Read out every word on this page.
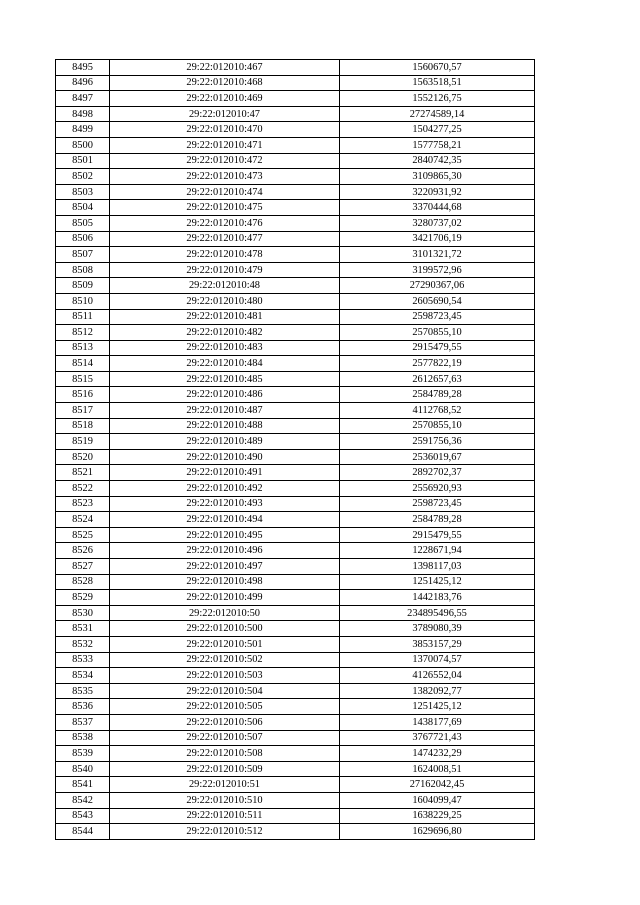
8495	29:22:012010:467	1560670,57
8496	29:22:012010:468	1563518,51
8497	29:22:012010:469	1552126,75
8498	29:22:012010:47	27274589,14
8499	29:22:012010:470	1504277,25
8500	29:22:012010:471	1577758,21
8501	29:22:012010:472	2840742,35
8502	29:22:012010:473	3109865,30
8503	29:22:012010:474	3220931,92
8504	29:22:012010:475	3370444,68
8505	29:22:012010:476	3280737,02
8506	29:22:012010:477	3421706,19
8507	29:22:012010:478	3101321,72
8508	29:22:012010:479	3199572,96
8509	29:22:012010:48	27290367,06
8510	29:22:012010:480	2605690,54
8511	29:22:012010:481	2598723,45
8512	29:22:012010:482	2570855,10
8513	29:22:012010:483	2915479,55
8514	29:22:012010:484	2577822,19
8515	29:22:012010:485	2612657,63
8516	29:22:012010:486	2584789,28
8517	29:22:012010:487	4112768,52
8518	29:22:012010:488	2570855,10
8519	29:22:012010:489	2591756,36
8520	29:22:012010:490	2536019,67
8521	29:22:012010:491	2892702,37
8522	29:22:012010:492	2556920,93
8523	29:22:012010:493	2598723,45
8524	29:22:012010:494	2584789,28
8525	29:22:012010:495	2915479,55
8526	29:22:012010:496	1228671,94
8527	29:22:012010:497	1398117,03
8528	29:22:012010:498	1251425,12
8529	29:22:012010:499	1442183,76
8530	29:22:012010:50	234895496,55
8531	29:22:012010:500	3789080,39
8532	29:22:012010:501	3853157,29
8533	29:22:012010:502	1370074,57
8534	29:22:012010:503	4126552,04
8535	29:22:012010:504	1382092,77
8536	29:22:012010:505	1251425,12
8537	29:22:012010:506	1438177,69
8538	29:22:012010:507	3767721,43
8539	29:22:012010:508	1474232,29
8540	29:22:012010:509	1624008,51
8541	29:22:012010:51	27162042,45
8542	29:22:012010:510	1604099,47
8543	29:22:012010:511	1638229,25
8544	29:22:012010:512	1629696,80
